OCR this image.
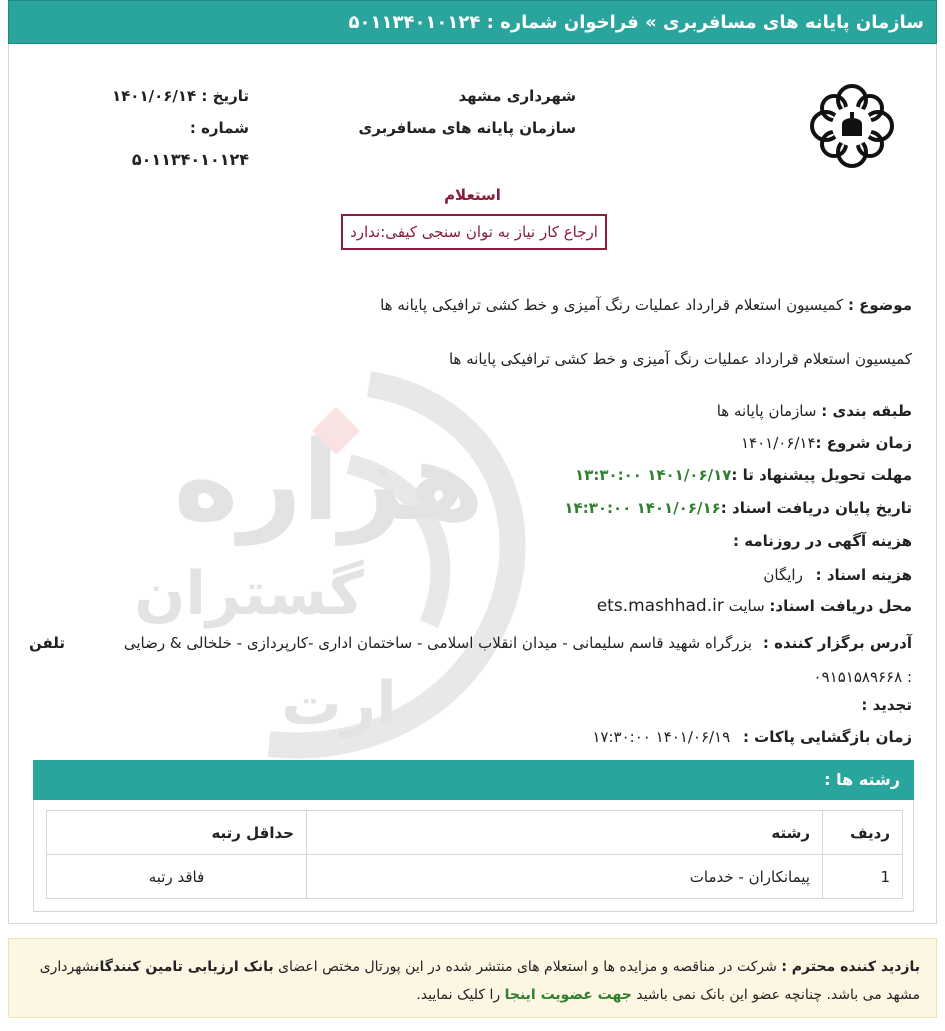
سازمان پایانه های مسافربری » فراخوان شماره : ۵۰۱۱۳۴۰۱۰۱۲۴
هزاره
گستران
ارت
شهرداری مشهد
سازمان پایانه های مسافربری
تاریخ : ۱۴۰۱/۰۶/۱۴
شماره :
۵۰۱۱۳۴۰۱۰۱۲۴
استعلام
ارجاع کار نیاز به توان سنجی کیفی:ندارد
موضوع : کمیسیون استعلام قرارداد عملیات رنگ آمیزی و خط کشی ترافیکی پایانه ها
کمیسیون استعلام قرارداد عملیات رنگ آمیزی و خط کشی ترافیکی پایانه ها
طبقه بندی : سازمان پایانه ها
زمان شروع :۱۴۰۱/۰۶/۱۴
مهلت تحویل پیشنهاد تا :۱۴۰۱/۰۶/۱۷ ۱۳:۳۰:۰۰
تاریخ پایان دریافت اسناد :۱۴۰۱/۰۶/۱۶ ۱۴:۳۰:۰۰
هزینه آگهی در روزنامه :
هزینه اسناد : رایگان
محل دریافت اسناد: سایت ets.mashhad.ir
آدرس برگزار کننده : بزرگراه شهید قاسم سلیمانی - میدان انقلاب اسلامی - ساختمان اداری -کارپردازی - خلخالی & رضایی
تلفن
: ۰۹۱۵۱۵۸۹۶۶۸
تجدید :
زمان بازگشایی پاکات : ۱۴۰۱/۰۶/۱۹ ۱۷:۳۰:۰۰
رشته ها :
ردیف	رشته	حداقل رتبه
1	پیمانکاران - خدمات	فاقد رتبه
بازدید کننده محترم : شرکت در مناقصه و مزایده ها و استعلام های منتشر شده در این پورتال مختص اعضای بانک ارزیابی تامین کنندگانشهرداری مشهد می باشد. چنانچه عضو این بانک نمی باشید جهت عضویت اینجا را کلیک نمایید.
